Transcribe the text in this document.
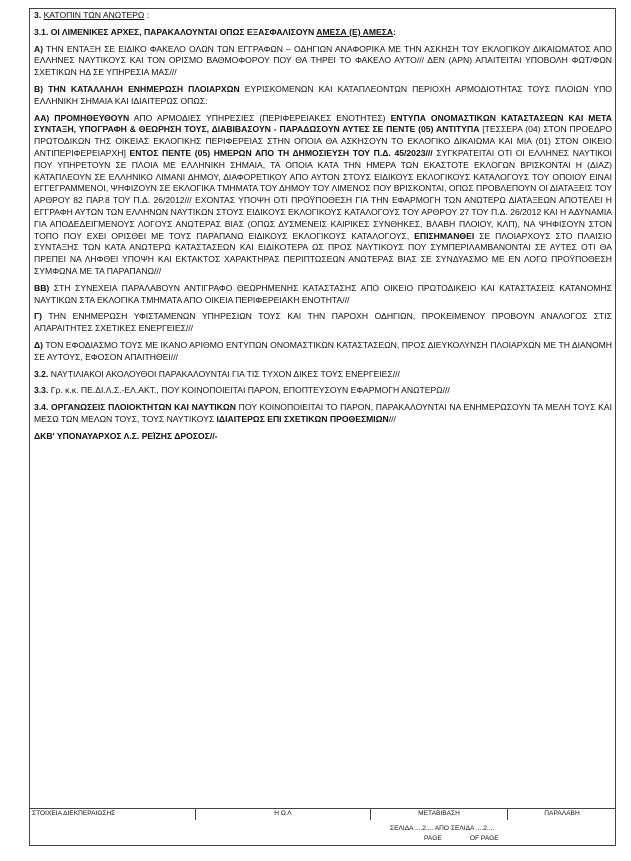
3. ΚΑΤΟΠΙΝ ΤΩΝ ΑΝΩΤΕΡΩ :

3.1. ΟΙ ΛΙΜΕΝΙΚΕΣ ΑΡΧΕΣ, ΠΑΡΑΚΑΛΟΥΝΤΑΙ ΟΠΩΣ ΕΞΑΣΦΑΛΙΣΟΥΝ ΑΜΕΣΑ (Ε) ΑΜΕΣΑ:

Α) ΤΗΝ ΕΝΤΑΞΗ ΣΕ ΕΙΔΙΚΟ ΦΑΚΕΛΟ ΟΛΩΝ ΤΩΝ ΕΓΓΡΑΦΩΝ – ΟΔΗΓΙΩΝ ΑΝΑΦΟΡΙΚΑ ΜΕ ΤΗΝ ΑΣΚΗΣΗ ΤΟΥ ΕΚΛΟΓΙΚΟΥ ΔΙΚΑΙΩΜΑΤΟΣ ΑΠΟ ΕΛΛΗΝΕΣ ΝΑΥΤΙΚΟΥΣ ΚΑΙ ΤΟΝ ΟΡΙΣΜΟ ΒΑΘΜΟΦΟΡΟΥ ΠΟΥ ΘΑ ΤΗΡΕΙ ΤΟ ΦΑΚΕΛΟ ΑΥΤΟ/// ΔΕΝ (ΑΡΝ) ΑΠΑΙΤΕΙΤΑΙ ΥΠΟΒΟΛΗ ΦΩΤ/ΦΩΝ ΣΧΕΤΙΚΩΝ ΗΔ ΣΕ ΥΠΗΡΕΣΙΑ ΜΑΣ///

Β) ΤΗΝ ΚΑΤΑΛΛΗΛΗ ΕΝΗΜΕΡΩΣΗ ΠΛΟΙΑΡΧΩΝ ΕΥΡΙΣΚΟΜΕΝΩΝ ΚΑΙ ΚΑΤΑΠΛΕΟΝΤΩΝ ΠΕΡΙΟΧΗ ΑΡΜΟΔΙΟΤΗΤΑΣ ΤΟΥΣ ΠΛΟΙΩΝ ΥΠΟ ΕΛΛΗΝΙΚΗ ΣΗΜΑΙΑ ΚΑΙ ΙΔΙΑΙΤΕΡΩΣ ΟΠΩΣ:

ΑΑ) ΠΡΟΜΗΘΕΥΘΟΥΝ ΑΠΟ ΑΡΜΟΔΙΕΣ ΥΠΗΡΕΣΙΕΣ (ΠΕΡΙΦΕΡΕΙΑΚΕΣ ΕΝΟΤΗΤΕΣ) ΕΝΤΥΠΑ ΟΝΟΜΑΣΤΙΚΩΝ ΚΑΤΑΣΤΑΣΕΩΝ ΚΑΙ ΜΕΤΑ ΣΥΝΤΑΞΗ, ΥΠΟΓΡΑΦΗ & ΘΕΩΡΗΣΗ ΤΟΥΣ, ΔΙΑΒΙΒΑΣΟΥΝ - ΠΑΡΑΔΩΣΟΥΝ ΑΥΤΕΣ ΣΕ ΠΕΝΤΕ (05) ΑΝΤΙΤΥΠΑ [ΤΕΣΣΕΡΑ (04) ΣΤΟΝ ΠΡΟΕΔΡΟ ΠΡΩΤΟΔΙΚΩΝ ΤΗΣ ΟΙΚΕΙΑΣ ΕΚΛΟΓΙΚΗΣ ΠΕΡΙΦΕΡΕΙΑΣ ΣΤΗΝ ΟΠΟΙΑ ΘΑ ΑΣΚΗΣΟΥΝ ΤΟ ΕΚΛΟΓΙΚΟ ΔΙΚΑΙΩΜΑ ΚΑΙ ΜΙΑ (01) ΣΤΟΝ ΟΙΚΕΙΟ ΑΝΤΙΠΕΡΙΦΕΡΕΙΑΡΧΗ] ΕΝΤΟΣ ΠΕΝΤΕ (05) ΗΜΕΡΩΝ ΑΠΟ ΤΗ ΔΗΜΟΣΙΕΥΣΗ ΤΟΥ Π.Δ. 45/2023/// ΣΥΓΚΡΑΤΕΙΤΑΙ ΟΤΙ ΟΙ ΕΛΛΗΝΕΣ ΝΑΥΤΙΚΟΙ ΠΟΥ ΥΠΗΡΕΤΟΥΝ ΣΕ ΠΛΟΙΑ ΜΕ ΕΛΛΗΝΙΚΗ ΣΗΜΑΙΑ, ΤΑ ΟΠΟΙΑ ΚΑΤΑ ΤΗΝ ΗΜΕΡΑ ΤΩΝ ΕΚΑΣΤΟΤΕ ΕΚΛΟΓΩΝ ΒΡΙΣΚΟΝΤΑΙ Η (ΔΙΑΖ) ΚΑΤΑΠΛΕΟΥΝ ΣΕ ΕΛΛΗΝΙΚΟ ΛΙΜΑΝΙ ΔΗΜΟΥ, ΔΙΑΦΟΡΕΤΙΚΟΥ ΑΠΟ ΑΥΤΟΝ ΣΤΟΥΣ ΕΙΔΙΚΟΥΣ ΕΚΛΟΓΙΚΟΥΣ ΚΑΤΑΛΟΓΟΥΣ ΤΟΥ ΟΠΟΙΟΥ ΕΙΝΑΙ ΕΓΓΕΓΡΑΜΜΕΝΟΙ, ΨΗΦΙΖΟΥΝ ΣΕ ΕΚΛΟΓΙΚΑ ΤΜΗΜΑΤΑ ΤΟΥ ΔΗΜΟΥ ΤΟΥ ΛΙΜΕΝΟΣ ΠΟΥ ΒΡΙΣΚΟΝΤΑΙ, ΟΠΩΣ ΠΡΟΒΛΕΠΟΥΝ ΟΙ ΔΙΑΤΑΞΕΙΣ ΤΟΥ ΑΡΘΡΟΥ 82 ΠΑΡ.8 ΤΟΥ Π.Δ. 26/2012/// ΕΧΟΝΤΑΣ ΥΠΟΨΗ ΟΤΙ ΠΡΟΫΠΟΘΕΣΗ ΓΙΑ ΤΗΝ ΕΦΑΡΜΟΓΗ ΤΩΝ ΑΝΩΤΕΡΩ ΔΙΑΤΑΞΕΩΝ ΑΠΟΤΕΛΕΙ Η ΕΓΓΡΑΦΗ ΑΥΤΩΝ ΤΩΝ ΕΛΛΗΝΩΝ ΝΑΥΤΙΚΩΝ ΣΤΟΥΣ ΕΙΔΙΚΟΥΣ ΕΚΛΟΓΙΚΟΥΣ ΚΑΤΑΛΟΓΟΥΣ ΤΟΥ ΑΡΘΡΟΥ 27 ΤΟΥ Π.Δ. 26/2012 ΚΑΙ Η ΑΔΥΝΑΜΙΑ ΓΙΑ ΑΠΟΔΕΔΕΙΓΜΕΝΟΥΣ ΛΟΓΟΥΣ ΑΝΩΤΕΡΑΣ ΒΙΑΣ (ΟΠΩΣ ΔΥΣΜΕΝΕΙΣ ΚΑΙΡΙΚΕΣ ΣΥΝΘΗΚΕΣ, ΒΛΑΒΗ ΠΛΟΙΟΥ, ΚΛΠ), ΝΑ ΨΗΦΙΣΟΥΝ ΣΤΟΝ ΤΟΠΟ ΠΟΥ ΕΧΕΙ ΟΡΙΣΘΕΙ ΜΕ ΤΟΥΣ ΠΑΡΑΠΑΝΩ ΕΙΔΙΚΟΥΣ ΕΚΛΟΓΙΚΟΥΣ ΚΑΤΑΛΟΓΟΥΣ, ΕΠΙΣΗΜΑΝΘΕΙ ΣΕ ΠΛΟΙΑΡΧΟΥΣ ΣΤΟ ΠΛΑΙΣΙΟ ΣΥΝΤΑΞΗΣ ΤΩΝ ΚΑΤΑ ΑΝΩΤΕΡΩ ΚΑΤΑΣΤΑΣΕΩΝ ΚΑΙ ΕΙΔΙΚΟΤΕΡΑ ΩΣ ΠΡΟΣ ΝΑΥΤΙΚΟΥΣ ΠΟΥ ΣΥΜΠΕΡΙΛΑΜΒΑΝΟΝΤΑΙ ΣΕ ΑΥΤΕΣ ΟΤΙ ΘΑ ΠΡΕΠΕΙ ΝΑ ΛΗΦΘΕΙ ΥΠΟΨΗ ΚΑΙ ΕΚΤΑΚΤΟΣ ΧΑΡΑΚΤΗΡΑΣ ΠΕΡΙΠΤΩΣΕΩΝ ΑΝΩΤΕΡΑΣ ΒΙΑΣ ΣΕ ΣΥΝΔΥΑΣΜΟ ΜΕ ΕΝ ΛΟΓΩ ΠΡΟΫΠΟΘΕΣΗ ΣΥΜΦΩΝΑ ΜΕ ΤΑ ΠΑΡΑΠΑΝΩ///

ΒΒ) ΣΤΗ ΣΥΝΕΧΕΙΑ ΠΑΡΑΛΑΒΟΥΝ ΑΝΤΙΓΡΑΦΟ ΘΕΩΡΗΜΕΝΗΣ ΚΑΤΑΣΤΑΣΗΣ ΑΠΟ ΟΙΚΕΙΟ ΠΡΩΤΟΔΙΚΕΙΟ ΚΑΙ ΚΑΤΑΣΤΑΣΕΙΣ ΚΑΤΑΝΟΜΗΣ ΝΑΥΤΙΚΩΝ ΣΤΑ ΕΚΛΟΓΙΚΑ ΤΜΗΜΑΤΑ ΑΠΟ ΟΙΚΕΙΑ ΠΕΡΙΦΕΡΕΙΑΚΗ ΕΝΟΤΗΤΑ///

Γ) ΤΗΝ ΕΝΗΜΕΡΩΣΗ ΥΦΙΣΤΑΜΕΝΩΝ ΥΠΗΡΕΣΙΩΝ ΤΟΥΣ ΚΑΙ ΤΗΝ ΠΑΡΟΧΗ ΟΔΗΓΙΩΝ, ΠΡΟΚΕΙΜΕΝΟΥ ΠΡΟΒΟΥΝ ΑΝΑΛΟΓΟΣ ΣΤΙΣ ΑΠΑΡΑΙΤΗΤΕΣ ΣΧΕΤΙΚΕΣ ΕΝΕΡΓΕΙΕΣ///

Δ) ΤΟΝ ΕΦΟΔΙΑΣΜΟ ΤΟΥΣ ΜΕ ΙΚΑΝΟ ΑΡΙΘΜΟ ΕΝΤΥΠΩΝ ΟΝΟΜΑΣΤΙΚΩΝ ΚΑΤΑΣΤΑΣΕΩΝ, ΠΡΟΣ ΔΙΕΥΚΟΛΥΝΣΗ ΠΛΟΙΑΡΧΩΝ ΜΕ ΤΗ ΔΙΑΝΟΜΗ ΣΕ ΑΥΤΟΥΣ, ΕΦΟΣΟΝ ΑΠΑΙΤΗΘΕΙ///

3.2. ΝΑΥΤΙΛΙΑΚΟΙ ΑΚΟΛΟΥΘΟΙ ΠΑΡΑΚΑΛΟΥΝΤΑΙ ΓΙΑ ΤΙΣ ΤΥΧΟΝ ΔΙΚΕΣ ΤΟΥΣ ΕΝΕΡΓΕΙΕΣ///

3.3. Γρ. κ.κ. ΠΕ.ΔΙ.Λ.Σ.-ΕΛ.ΑΚΤ., ΠΟΥ ΚΟΙΝΟΠΟΙΕΙΤΑΙ ΠΑΡΟΝ, ΕΠΟΠΤΕΥΣΟΥΝ ΕΦΑΡΜΟΓΗ ΑΝΩΤΕΡΩ///

3.4. ΟΡΓΑΝΩΣΕΙΣ ΠΛΟΙΟΚΤΗΤΩΝ ΚΑΙ ΝΑΥΤΙΚΩΝ ΠΟΥ ΚΟΙΝΟΠΟΙΕΙΤΑΙ ΤΟ ΠΑΡΟΝ, ΠΑΡΑΚΑΛΟΥΝΤΑΙ ΝΑ ΕΝΗΜΕΡΩΣΟΥΝ ΤΑ ΜΕΛΗ ΤΟΥΣ ΚΑΙ ΜΕΣΩ ΤΩΝ ΜΕΛΩΝ ΤΟΥΣ, ΤΟΥΣ ΝΑΥΤΙΚΟΥΣ ΙΔΙΑΙΤΕΡΩΣ ΕΠΙ ΣΧΕΤΙΚΩΝ ΠΡΟΘΕΣΜΙΩΝ///

ΔΚΒ' ΥΠΟΝΑΥΑΡΧΟΣ Λ.Σ. ΡΕΪΖΗΣ ΔΡΟΣΟΣ//-

ΣΤΟΙΧΕΙΑ ΔΙΕΚΠΕΡΑΙΩΣΗΣ	Η Ω Λ	ΜΕΤΑΒΙΒΑΣΗ	ΠΑΡΑΛΑΒΗ
ΣΕΛΙΔΑ ....2.... ΑΠΟ ΣΕΛΙΔΑ ....2....
PAGE	OF PAGE
